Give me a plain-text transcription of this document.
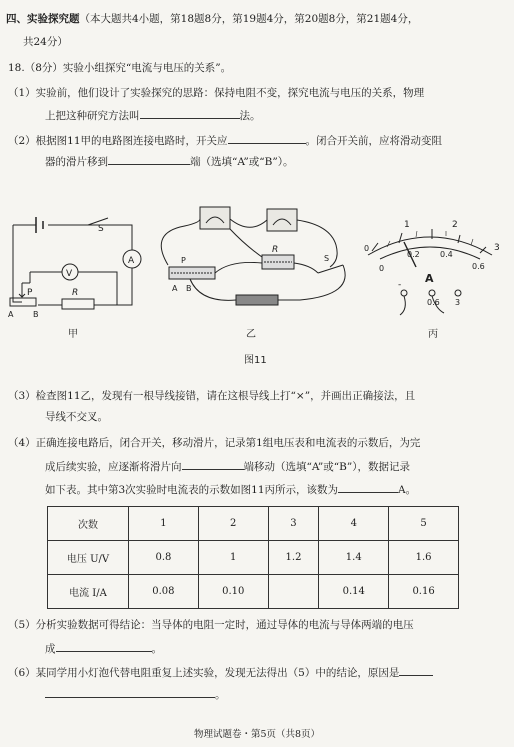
四、实验探究题（本大题共4小题，第18题8分，第19题4分，第20题8分，第21题4分，
共24分）
18.（8分）实验小组探究“电流与电压的关系”。
（1）实验前，他们设计了实验探究的思路：保持电阻不变，探究电流与电压的关系，物理
上把这种研究方法叫	法。
（2）根据图11甲的电路图连接电路时，开关应	。闭合开关前，应将滑动变阻
器的滑片移到	端（选填“A”或“B”）。
S
A
V
R
P
A B
甲
P
A B
R
S
乙
0
1	2
3
0
0.2	0.4
0.6
A
-
0.6 3
丙
图11
（3）检查图11乙，发现有一根导线接错，请在这根导线上打“×”，并画出正确接法，且
导线不交叉。
（4）正确连接电路后，闭合开关，移动滑片，记录第1组电压表和电流表的示数后，为完
成后续实验，应逐渐将滑片向	端移动（选填“A”或“B”），数据记录
如下表。其中第3次实验时电流表的示数如图11丙所示，该数为	A。
次数	1	2	3	4	5
电压 U/V	0.8	1	1.2	1.4	1.6
电流 I/A	0.08	0.10		0.14	0.16
（5）分析实验数据可得结论：当导体的电阻一定时，通过导体的电流与导体两端的电压
成	。
（6）某同学用小灯泡代替电阻重复上述实验，发现无法得出（5）中的结论，原因是
。
物理试题卷・第5页（共8页）
